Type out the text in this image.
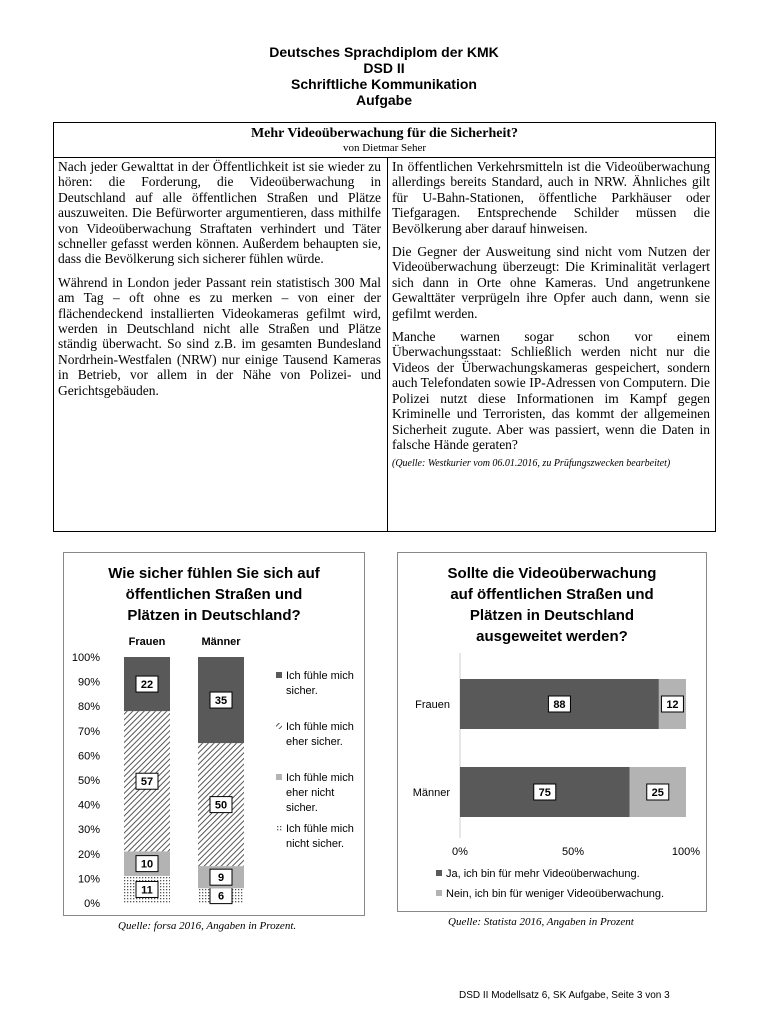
Deutsches Sprachdiplom der KMK
DSD II
Schriftliche Kommunikation
Aufgabe
Mehr Videoüberwachung für die Sicherheit?
von Dietmar Seher

Nach jeder Gewalttat in der Öffentlichkeit ist sie wieder zu hören: die Forderung, die Videoüberwachung in Deutschland auf alle öffentlichen Straßen und Plätze auszuweiten. Die Befürworter argumentieren, dass mithilfe von Videoüberwachung Straftaten verhindert und Täter schneller gefasst werden können. Außerdem behaupten sie, dass die Bevölkerung sich sicherer fühlen würde.

Während in London jeder Passant rein statistisch 300 Mal am Tag – oft ohne es zu merken – von einer der flächendeckend installierten Videokameras gefilmt wird, werden in Deutschland nicht alle Straßen und Plätze ständig überwacht. So sind z.B. im gesamten Bundesland Nordrhein-Westfalen (NRW) nur einige Tausend Kameras in Betrieb, vor allem in der Nähe von Polizei- und Gerichtsgebäuden.

In öffentlichen Verkehrsmitteln ist die Videoüberwachung allerdings bereits Standard, auch in NRW. Ähnliches gilt für U-Bahn-Stationen, öffentliche Parkhäuser oder Tiefgaragen. Entsprechende Schilder müssen die Bevölkerung aber darauf hinweisen.

Die Gegner der Ausweitung sind nicht vom Nutzen der Videoüberwachung überzeugt: Die Kriminalität verlagert sich dann in Orte ohne Kameras. Und angetrunkene Gewalttäter verprügeln ihre Opfer auch dann, wenn sie gefilmt werden.

Manche warnen sogar schon vor einem Überwachungsstaat: Schließlich werden nicht nur die Videos der Überwachungskameras gespeichert, sondern auch Telefondaten sowie IP-Adressen von Computern. Die Polizei nutzt diese Informationen im Kampf gegen Kriminelle und Terroristen, das kommt der allgemeinen Sicherheit zugute. Aber was passiert, wenn die Daten in falsche Hände geraten?

(Quelle: Westkurier vom 06.01.2016, zu Prüfungszwecken bearbeitet)
Wie sicher fühlen Sie sich auf
öffentlichen Straßen und
Plätzen in Deutschland?
0%
10%
20%
30%
40%
50%
60%
70%
80%
90%
100%
Frauen
11
10
57
22
Männer
6
9
50
35
Ich fühle mich
sicher.
Ich fühle mich
eher sicher.
Ich fühle mich
eher nicht
sicher.
Ich fühle mich
nicht sicher.
Quelle: forsa 2016, Angaben in Prozent.
Sollte die Videoüberwachung
auf öffentlichen Straßen und
Plätzen in Deutschland
ausgeweitet werden?
Frauen	88	12
Männer	75	25
0%	50%	100%
Ja, ich bin für mehr Videoüberwachung.
Nein, ich bin für weniger Videoüberwachung.
Quelle: Statista 2016, Angaben in Prozent
DSD II Modellsatz 6, SK Aufgabe, Seite 3 von 3
